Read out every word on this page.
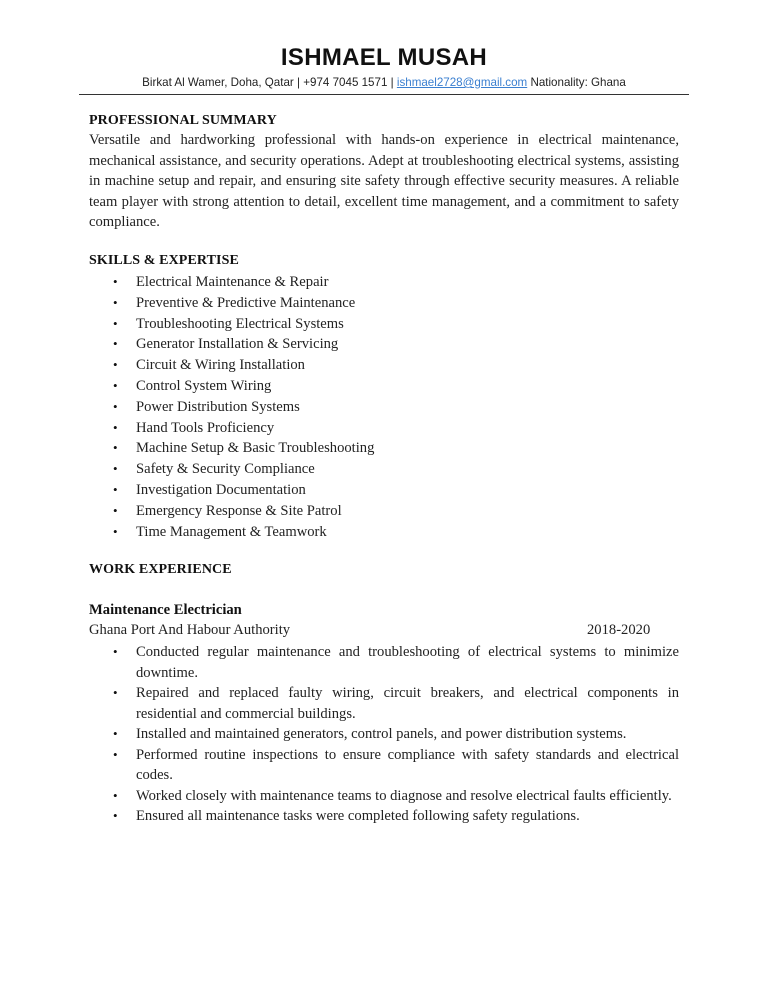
ISHMAEL MUSAH
Birkat Al Wamer, Doha, Qatar | +974 7045 1571 | ishmael2728@gmail.com Nationality: Ghana
PROFESSIONAL SUMMARY
Versatile and hardworking professional with hands-on experience in electrical maintenance, mechanical assistance, and security operations. Adept at troubleshooting electrical systems, assisting in machine setup and repair, and ensuring site safety through effective security measures. A reliable team player with strong attention to detail, excellent time management, and a commitment to safety compliance.
SKILLS & EXPERTISE
• Electrical Maintenance & Repair
• Preventive & Predictive Maintenance
• Troubleshooting Electrical Systems
• Generator Installation & Servicing
• Circuit & Wiring Installation
• Control System Wiring
• Power Distribution Systems
• Hand Tools Proficiency
• Machine Setup & Basic Troubleshooting
• Safety & Security Compliance
• Investigation Documentation
• Emergency Response & Site Patrol
• Time Management & Teamwork
WORK EXPERIENCE
Maintenance Electrician
Ghana Port And Habour Authority	2018-2020
• Conducted regular maintenance and troubleshooting of electrical systems to minimize downtime.
• Repaired and replaced faulty wiring, circuit breakers, and electrical components in residential and commercial buildings.
• Installed and maintained generators, control panels, and power distribution systems.
• Performed routine inspections to ensure compliance with safety standards and electrical codes.
• Worked closely with maintenance teams to diagnose and resolve electrical faults efficiently.
• Ensured all maintenance tasks were completed following safety regulations.
